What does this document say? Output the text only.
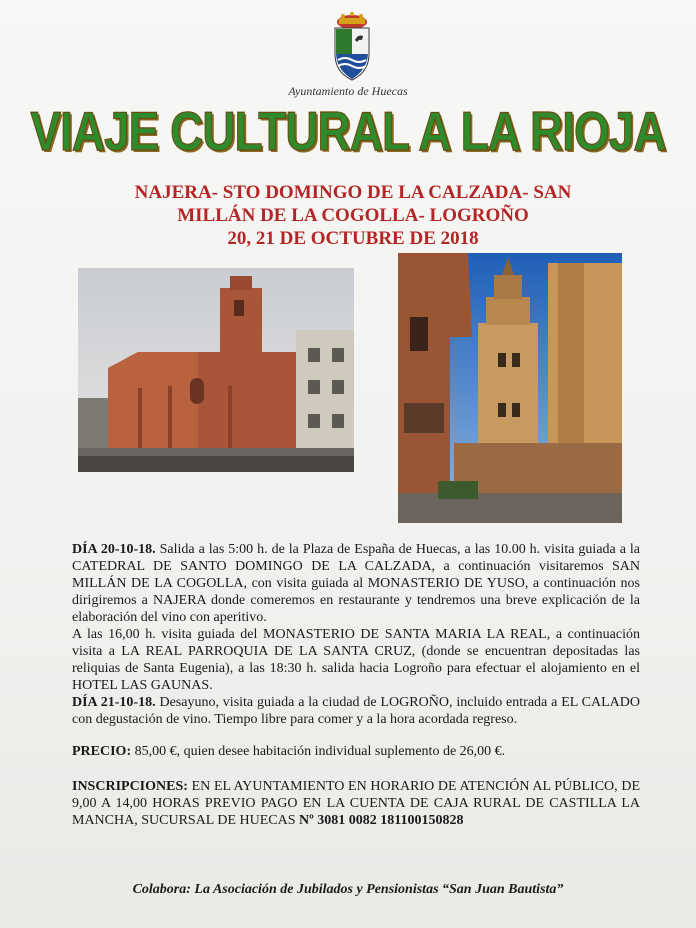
Ayuntamiento de Huecas
VIAJE CULTURAL A LA RIOJA
NAJERA- STO DOMINGO DE LA CALZADA- SAN
MILLÁN DE LA COGOLLA- LOGROÑO
20, 21 DE OCTUBRE DE 2018

DÍA 20-10-18. Salida a las 5:00 h. de la Plaza de España de Huecas, a las 10.00 h. visita guiada a la CATEDRAL DE SANTO DOMINGO DE LA CALZADA, a continuación visitaremos SAN MILLÁN DE LA COGOLLA, con visita guiada al MONASTERIO DE YUSO, a continuación nos dirigiremos a NAJERA donde comeremos en restaurante y tendremos una breve explicación de la elaboración del vino con aperitivo.

A las 16,00 h. visita guiada del MONASTERIO DE SANTA MARIA LA REAL, a continuación visita a LA REAL PARROQUIA DE LA SANTA CRUZ, (donde se encuentran depositadas las reliquias de Santa Eugenia), a las 18:30 h. salida hacia Logroño para efectuar el alojamiento en el HOTEL LAS GAUNAS.

DÍA 21-10-18. Desayuno, visita guiada a la ciudad de LOGROÑO, incluido entrada a EL CALADO con degustación de vino. Tiempo libre para comer y a la hora acordada regreso.

PRECIO: 85,00 €, quien desee habitación individual suplemento de 26,00 €.

INSCRIPCIONES: EN EL AYUNTAMIENTO EN HORARIO DE ATENCIÓN AL PÚBLICO, DE 9,00 A 14,00 HORAS PREVIO PAGO EN LA CUENTA DE CAJA RURAL DE CASTILLA LA MANCHA, SUCURSAL DE HUECAS Nº 3081 0082 181100150828

Colabora: La Asociación de Jubilados y Pensionistas “San Juan Bautista”
